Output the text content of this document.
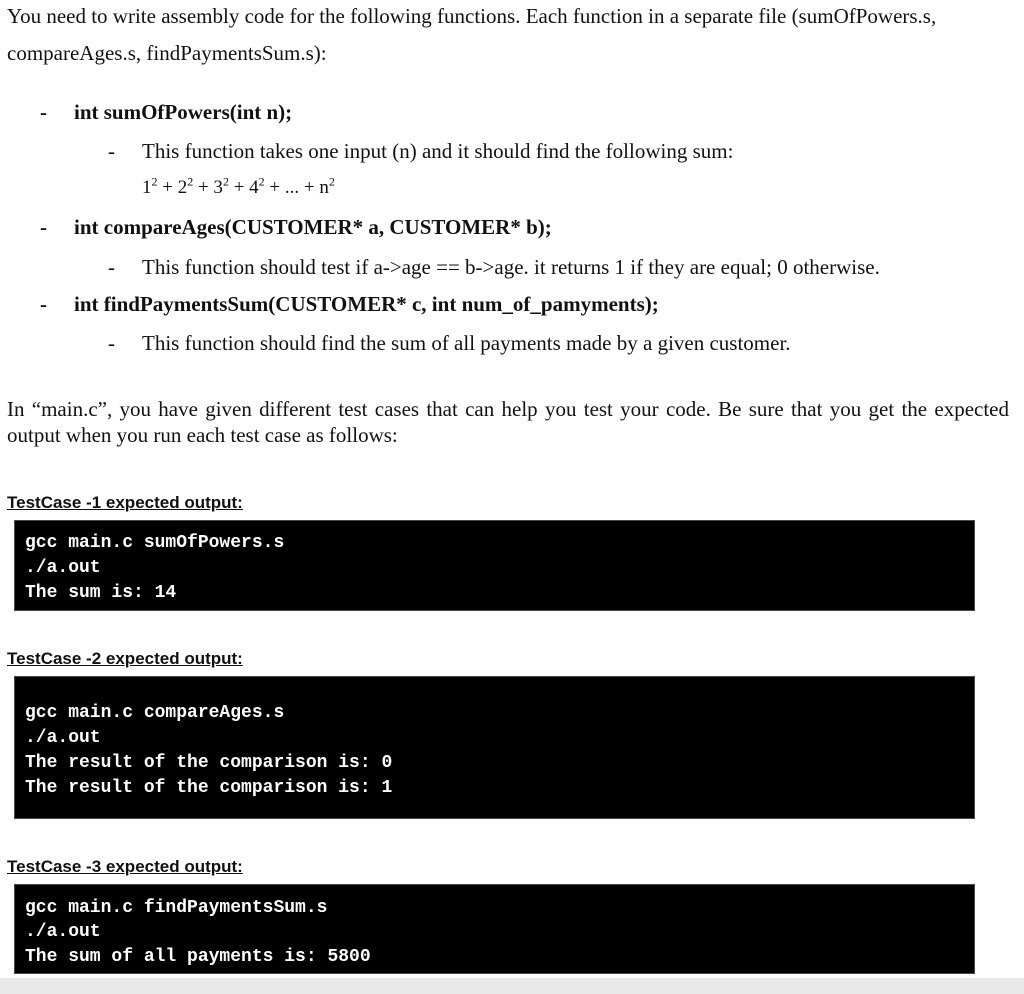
You need to write assembly code for the following functions. Each function in a separate file (sumOfPowers.s,
compareAges.s, findPaymentsSum.s):
- int sumOfPowers(int n);
- This function takes one input (n) and it should find the following sum:
$1^2 + 2^2 + 3^2 + 4^2$ + ... + $n^2$
- int compareAges(CUSTOMER* a, CUSTOMER* b);
- This function should test if a->age == b->age. it returns 1 if they are equal; 0 otherwise.
- int findPaymentsSum(CUSTOMER* c, int num_of_pamyments);
- This function should find the sum of all payments made by a given customer.
In “main.c”, you have given different test cases that can help you test your code. Be sure that you get the expected output when you run each test case as follows:
TestCase -1 expected output:
gcc main.c sumOfPowers.s
./a.out
The sum is: 14
TestCase -2 expected output:
gcc main.c compareAges.s
./a.out
The result of the comparison is: 0
The result of the comparison is: 1
TestCase -3 expected output:
gcc main.c findPaymentsSum.s
./a.out
The sum of all payments is: 5800
